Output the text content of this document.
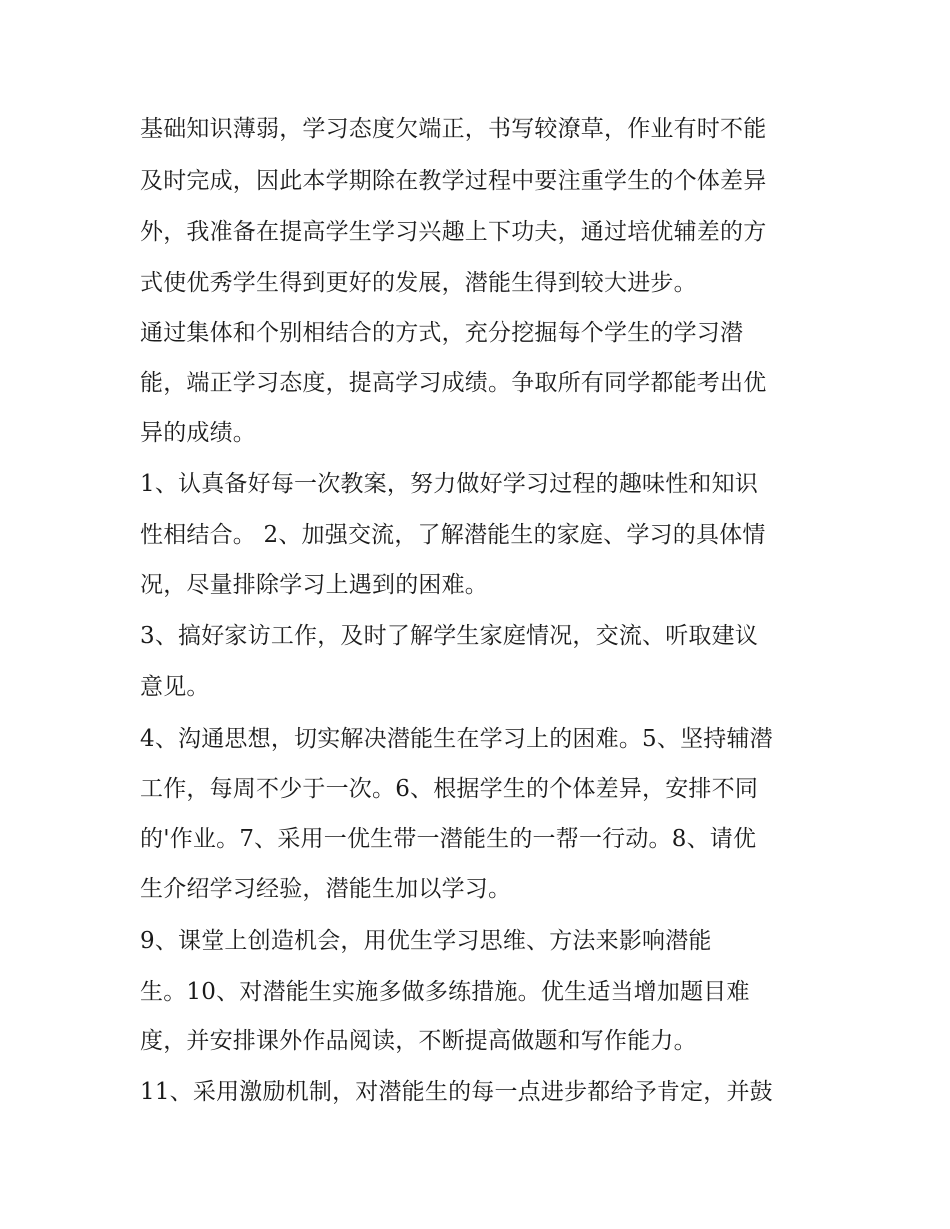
基础知识薄弱，学习态度欠端正，书写较潦草，作业有时不能
及时完成，因此本学期除在教学过程中要注重学生的个体差异
外，我准备在提高学生学习兴趣上下功夫，通过培优辅差的方
式使优秀学生得到更好的发展，潜能生得到较大进步。
通过集体和个别相结合的方式，充分挖掘每个学生的学习潜
能，端正学习态度，提高学习成绩。争取所有同学都能考出优
异的成绩。
1、认真备好每一次教案，努力做好学习过程的趣味性和知识
性相结合。 2、加强交流，了解潜能生的家庭、学习的具体情
况，尽量排除学习上遇到的困难。
3、搞好家访工作，及时了解学生家庭情况，交流、听取建议
意见。
4、沟通思想，切实解决潜能生在学习上的困难。5、坚持辅潜
工作，每周不少于一次。6、根据学生的个体差异，安排不同
的'作业。7、采用一优生带一潜能生的一帮一行动。8、请优
生介绍学习经验，潜能生加以学习。
9、课堂上创造机会，用优生学习思维、方法来影响潜能
生。10、对潜能生实施多做多练措施。优生适当增加题目难
度，并安排课外作品阅读，不断提高做题和写作能力。
11、采用激励机制，对潜能生的每一点进步都给予肯定，并鼓
